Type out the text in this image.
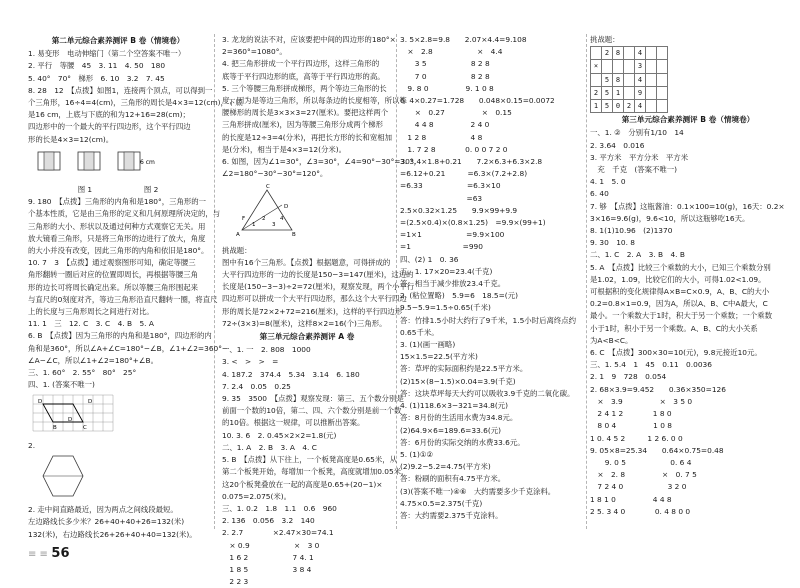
第二单元综合素养测评 B 卷（情境卷）
1. 易变形　电动伸缩门（第二个空答案不唯一）
2. 平行　等腰　45　3. 11　4. 50　180
5. 40°　70°　梯形　6. 10　3.2　7. 45
8. 28　12　【点拨】如图1，连接两个顶点，可以得到一
个三角形，16÷4=4(cm)，三角形的周长是4×3=12(cm)，下底
是16 cm，上底与下底的和为12+16=28(cm)；
四边形中的一个最大的平行四边形，这个平行四边
形的长是4×3=12(cm)。
6 cm
图 1　　　　　　　图 2
9. 180　【点拨】三角形的内角和是180°，三角形的一
个基本性质，它是由三角形的定义和几何原理所决定的，与
三角形的大小、形状以及通过何种方式观察它无关。用
放大镜看三角形，只是将三角形的边进行了放大，角度
的大小并没有改变，因此三角形的内角和依旧是180°。
10. 7　3　【点拨】通过观察图形可知，确定等腰三
角形翻转一圈后对应的位置即周长，再根据等腰三角
形的边长可将周长确定出来。所以等腰三角形围起来
与直尺的0刻度对齐，等边三角形沿直尺翻转一圈，将直尺
上的长度与三角形周长之间进行对比。
11. 1　三　12. C　3. C　4. B　5. A
6. B　【点拨】因为三角形的内角和是180°，四边形的内
角和是360°，所以∠A+∠C=180°−∠B，∠1+∠2=360°−
∠A−∠C，所以∠1+∠2=180°+∠B。
三、1. 60°　2. 55°　80°　25°
四、1. (答案不唯一)
D
D
D
B	C
2.
2. 走中间直路最近，因为两点之间线段最短。
左边路线长多少米？26+40+40+26=132(米)
132(米)，右边路线长26+26+40+40=132(米)。
3. 龙龙的说法不对，应该要把中间的四边形的180°×
2=360°=1080°。
4. 把三角形拼成一个平行四边形，这样三角形的
底等于平行四边形的底，高等于平行四边形的高。
5. 三个等腰三角形拼成梯形，两个等边三角形的长
度，因为是等边三角形，所以每条边的长度相等，所以等
腰梯形的周长是3×3×3=27(厘米)。要把这样两个
三角形拼成(厘米)，因为等腰三角形分成两个梯形
的长度是12÷3=4(分米)，再把长方形的长和宽相加
是(分米)，相当于是4×3=12(分米)。
6. 如图，因为∠1=30°，∠3=30°，∠4=90°−30°=30°，
∠2=180°−30°−30°=120°。
A	B
C
D
F
1
2
3
4
挑战题：
图中有16个三角形。【点拨】根据题意，可得拼成的
大平行四边形的一边的长度是150−3=147(厘米)，这边的
长度是(150−3−3)÷2=72(厘米)，观察发现，两个小平行
四边形可以拼成一个大平行四边形，那么这个大平行四边
形的周长是72×2+72=216(厘米)，这样的平行四边形
72÷(3×3)=8(厘米)，这样8×2=16(个)三角形。
第三单元综合素养测评 A 卷
一、1. 一　2. 808　1000
3. <　>　>　=
4. 187.2　374.4　5.34　3.14　6. 180
7. 2.4　0.05　0.25
9. 35　3500　【点拨】观察发现：第三、五个数分别是
前面一个数的10倍，第二、四、六个数分别是前一个数
的10倍。根据这一规律，可以推断出答案。
10. 3. 6　2. 0.45×2×2=1.8(元)
二、1. A　2. B　3. A　4. C
5. B　【点拨】从下往上，一个板凳高度是0.65米，从
第二个板凳开始，每增加一个板凳，高度就增加0.05米，
这20个板凳叠放在一起的高度是0.65+(20−1)×
0.075=2.075(米)。
三、1. 0.2　1.8　1.1　0.6　960
2. 136　0.056　3.2　140
2. 2.7　　　　×2.47×30=74.1
　× 0.9　　　　　　×　3 0
　1 6 2　　　　　　7 4. 1
　1 8 5　　　　　　3 8 4
　2 2 3
3. 5×2.8=9.8　　2.07×4.4=9.108
　×　2.8　　　　　　×　4.4
　　3 5　　　　　　8 2 8
　　7 0　　　　　　8 2 8
　9. 8 0　　　　　9. 1 0 8
6. 4×0.27=1.728　　0.048×0.15=0.0072
　　×　0.27　　　　　×　0.15
　　4 4 8　　　　　2 4 0
　1 2 8　　　　　　4 8
　1. 7 2 8　　　　0. 0 0 7 2 0
3. 3.4×1.8+0.21　　7.2×6.3+6.3×2.8
=6.12+0.21　　　=6.3×(7.2+2.8)
=6.33　　　　　　=6.3×10
　　　　　　　　　=63
2.5×0.32×1.25　　9.9×99+9.9
=(2.5×0.4)×(0.8×1.25)　=9.9×(99+1)
=1×1　　　　　　=9.9×100
=1　　　　　　　=990
四、(2) 1　0. 36
五、1. 17×20=23.4(千克)
答：相当于减少排放23.4千克。
2. (粘位置略)　5.9=6　18.5=(元)
9.5−5.9=1.5÷0.65(千米)
答：竹排1.5小时大约行了9千米，1.5小时后离终点约
0.65千米。
3. (1)(画一画略)
15×1.5=22.5(平方米)
答：草坪的实际面积约是22.5平方米。
(2)15×(8−1.5)×0.04=3.9(千克)
答：这块草坪每天大约可以吸收3.9千克的二氧化碳。
4. (1)118.6×3−321=34.8(元)
答：8月份的生活用水费为34.8元。
(2)64.9×6=189.6=33.6(元)
答：6月份的实际交纳的水费33.6元。
5. (1)①②
(2)9.2−5.2=4.75(平方米)
答：粉刷的面积有4.75平方米。
(3)(答案不唯一)④⑥　大约需要多少千克涂料。
4.75×0.5=2.375(千克)
答：大约需要2.375千克涂料。
挑战题：
	2	8		4		
×				3		
	5	8		4		
2	5	1		9		
1	5	0	2	4		
第三单元综合素养测评 B 卷（情境卷）
一、1. ②　分别有1/10　14
2. 3.64　0.016
3. 平方米　平方分米　平方米
　充　千克　(答案不唯一)
4. 1　5. 0
6. 40
7. 够　【点拨】这瓶酱油：0.1×100=10(g)，16天：0.2×
3×16=9.6(g)，9.6<10，所以这瓶够吃16天。
8. 1(1)10.96　(2)1370
9. 30　10. 8
二、1. C　2. A　3. B　4. B
5. A　【点拨】比较三个乘数的大小，已知三个乘数分别
是1.02，1.09，比较它们的大小，可得1.02<1.09。
可根据积的变化规律得A×B=C×0.9，A、B、C的大小
0.2=0.8×1=0.9，因为A，所以A、B、C中A最大，C
最小。一个乘数大于1时，积大于另一个乘数；一个乘数
小于1时，积小于另一个乘数。A、B、C的大小关系
为A<B<C。
6. C　【点拨】300×30=10(元)，9.8元接近10元。
三、1. 5.4　1　45　0.11　0.0036
2. 1　9　728　0.054
2. 68×3.9=9.452　　0.36×350=126
　×　3.9　　　　　×　3 5 0
　2 4 1 2　　　　1 8 0
　8 0 4　　　　　1 0 8
1 0. 4 5 2　　　1 2 6. 0 0
9. 05×8=25.34　　0.64×0.75=0.48
　　9. 0 5　　　　　　0. 6 4
　×　2. 8　　　　　×　0. 7 5
　7 2 4 0　　　　　　3 2 0
1 8 1 0　　　　　4 4 8
2 5. 3 4 0　　　　0. 4 8 0 0
≡ ≡ 56
